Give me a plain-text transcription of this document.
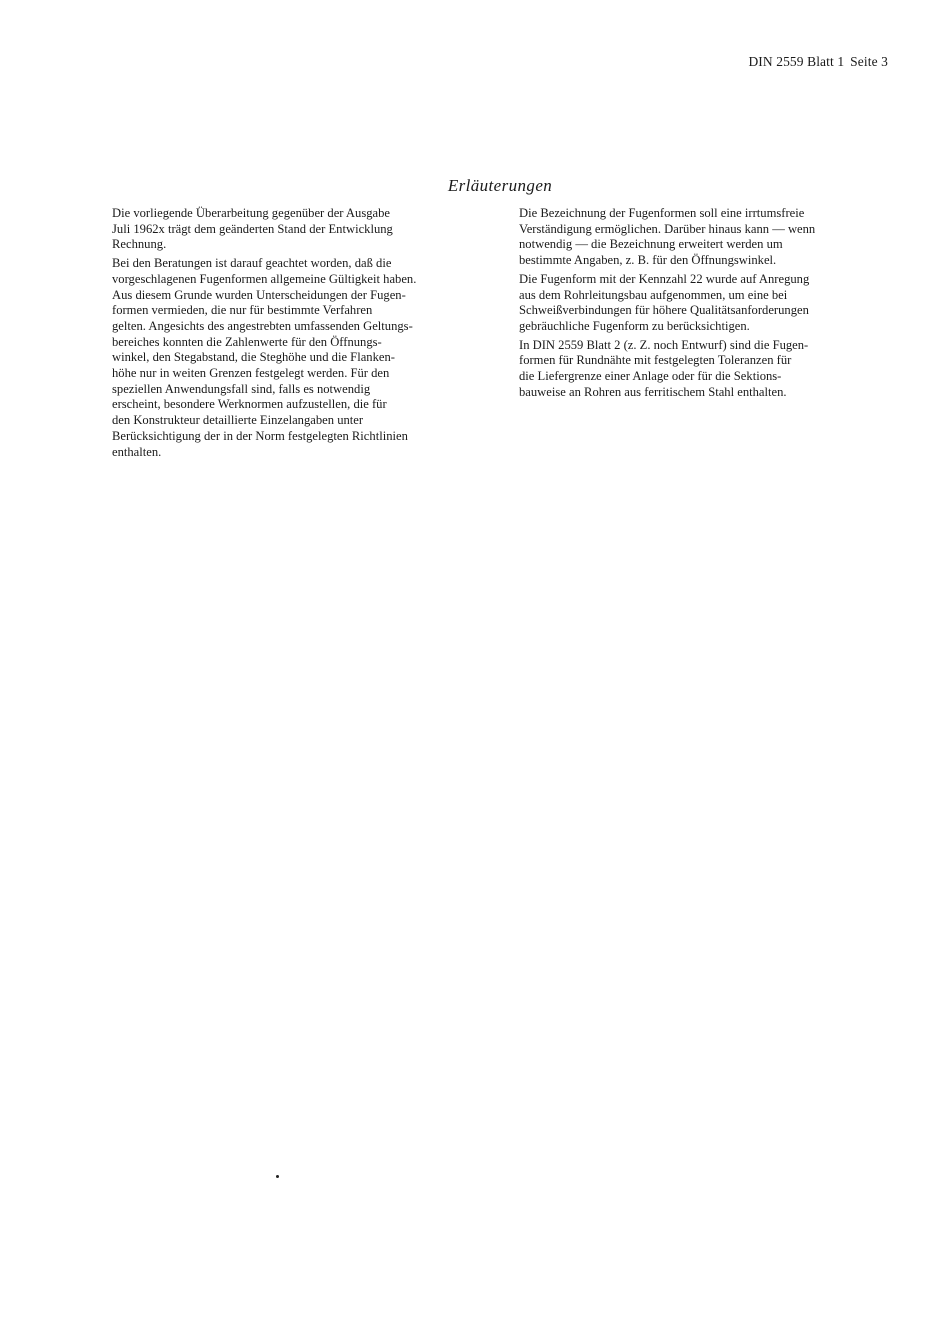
DIN 2559 Blatt 1 Seite 3
Erläuterungen

Die vorliegende Überarbeitung gegenüber der Ausgabe
Juli 1962x trägt dem geänderten Stand der Entwicklung
Rechnung.

Bei den Beratungen ist darauf geachtet worden, daß die
vorgeschlagenen Fugenformen allgemeine Gültigkeit haben.
Aus diesem Grunde wurden Unterscheidungen der Fugen-
formen vermieden, die nur für bestimmte Verfahren
gelten. Angesichts des angestrebten umfassenden Geltungs-
bereiches konnten die Zahlenwerte für den Öffnungs-
winkel, den Stegabstand, die Steghöhe und die Flanken-
höhe nur in weiten Grenzen festgelegt werden. Für den
speziellen Anwendungsfall sind, falls es notwendig
erscheint, besondere Werknormen aufzustellen, die für
den Konstrukteur detaillierte Einzelangaben unter
Berücksichtigung der in der Norm festgelegten Richtlinien
enthalten.

Die Bezeichnung der Fugenformen soll eine irrtumsfreie
Verständigung ermöglichen. Darüber hinaus kann — wenn
notwendig — die Bezeichnung erweitert werden um
bestimmte Angaben, z. B. für den Öffnungswinkel.

Die Fugenform mit der Kennzahl 22 wurde auf Anregung
aus dem Rohrleitungsbau aufgenommen, um eine bei
Schweißverbindungen für höhere Qualitätsanforderungen
gebräuchliche Fugenform zu berücksichtigen.

In DIN 2559 Blatt 2 (z. Z. noch Entwurf) sind die Fugen-
formen für Rundnähte mit festgelegten Toleranzen für
die Liefergrenze einer Anlage oder für die Sektions-
bauweise an Rohren aus ferritischem Stahl enthalten.
